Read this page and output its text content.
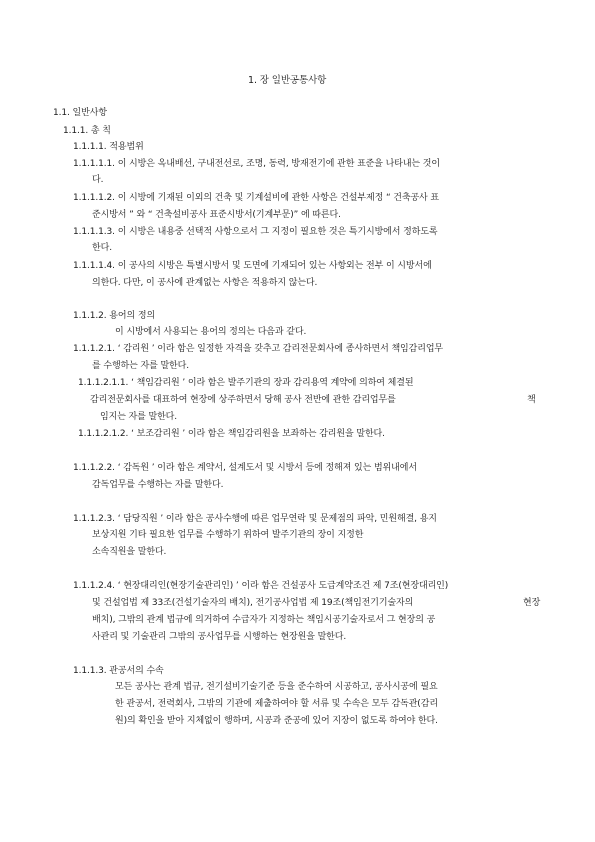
1. 장 일반공통사항
1.1. 일반사항
1.1.1. 총 칙
1.1.1.1. 적용범위
1.1.1.1.1. 이 시방은 옥내배선, 구내전선로, 조명, 동력, 방재전기에 관한 표준을 나타내는 것이
다.
1.1.1.1.2. 이 시방에 기재된 이외의 건축 및 기계설비에 관한 사항은 건설부제정 “ 건축공사 표
준시방서 ” 와 “ 건축설비공사 표준시방서(기계부문)” 에 따른다.
1.1.1.1.3. 이 시방은 내용중 선택적 사항으로서 그 지정이 필요한 것은 특기시방에서 정하도록
한다.
1.1.1.1.4. 이 공사의 시방은 특별시방서 및 도면에 기재되어 있는 사항외는 전부 이 시방서에
의한다. 다만, 이 공사에 관계없는 사항은 적용하지 않는다.
1.1.1.2. 용어의 정의
이 시방에서 사용되는 용어의 정의는 다음과 같다.
1.1.1.2.1. ‘ 감리원 ’ 이라 함은 일정한 자격을 갖추고 감리전문회사에 종사하면서 책임감리업무
를 수행하는 자를 말한다.
1.1.1.2.1.1. ‘ 책임감리원 ’ 이라 함은 발주기관의 장과 감리용역 계약에 의하여 체결된
감리전문회사를 대표하여 현장에 상주하면서 당해 공사 전반에 관한 감리업무를	책
임지는 자를 말한다.
1.1.1.2.1.2. ‘ 보조감리원 ’ 이라 함은 책임감리원을 보좌하는 감리원을 말한다.
1.1.1.2.2. ‘ 감독원 ’ 이라 함은 계약서, 설계도서 및 시방서 등에 정해져 있는 범위내에서
감독업무를 수행하는 자를 말한다.
1.1.1.2.3. ‘ 담당직원 ’ 이라 함은 공사수행에 따른 업무연락 및 문제점의 파악, 민원해결, 용지
보상지원 기타 필요한 업무를 수행하기 위하여 발주기관의 장이 지정한
소속직원을 말한다.
1.1.1.2.4. ‘ 현장대리인(현장기술관리인) ’ 이라 함은 건설공사 도급계약조건 제 7조(현장대리인)
및 건설업법 제 33조(건설기술자의 배치), 전기공사업법 제 19조(책임전기기술자의	현장
배치), 그밖의 관계 법규에 의거하여 수급자가 지정하는 책임시공기술자로서 그 현장의 공
사관리 및 기술관리 그밖의 공사업무를 시행하는 현장원을 말한다.
1.1.1.3. 관공서의 수속
모든 공사는 관계 법규, 전기설비기술기준 등을 준수하여 시공하고, 공사시공에 필요
한 관공서, 전력회사, 그밖의 기관에 제출하여야 할 서류 및 수속은 모두 감독관(감리
원)의 확인을 받아 지체없이 행하며, 시공과 준공에 있어 지장이 없도록 하여야 한다.
